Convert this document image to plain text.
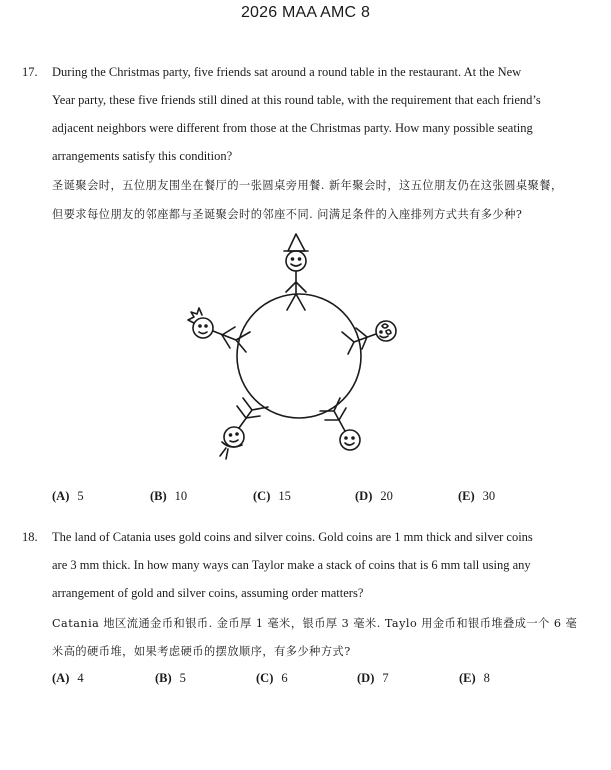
2026 MAA AMC 8
17. During the Christmas party, five friends sat around a round table in the restaurant. At the New
Year party, these five friends still dined at this round table, with the requirement that each friend’s
adjacent neighbors were different from those at the Christmas party. How many possible seating
arrangements satisfy this condition?
圣诞聚会时，五位朋友围坐在餐厅的一张圆桌旁用餐. 新年聚会时，这五位朋友仍在这张圆桌聚餐，
但要求每位朋友的邻座都与圣诞聚会时的邻座不同. 问满足条件的入座排列方式共有多少种?
(A) 5	(B) 10	(C) 15	(D) 20	(E) 30
18. The land of Catania uses gold coins and silver coins. Gold coins are 1 mm thick and silver coins
are 3 mm thick. In how many ways can Taylor make a stack of coins that is 6 mm tall using any
arrangement of gold and silver coins, assuming order matters?
Catania 地区流通金币和银币. 金币厚 1 毫米，银币厚 3 毫米. Taylo 用金币和银币堆叠成一个 6 毫
米高的硬币堆，如果考虑硬币的摆放顺序，有多少种方式?
(A) 4	(B) 5	(C) 6	(D) 7	(E) 8
